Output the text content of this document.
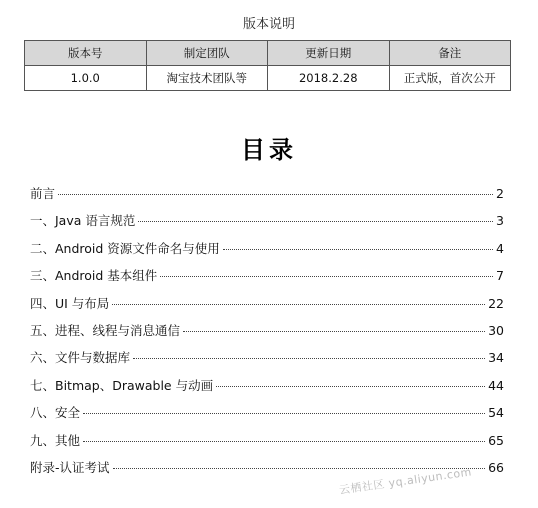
版本说明
版本号	制定团队	更新日期	备注
1.0.0	淘宝技术团队等	2018.2.28	正式版，首次公开
目录
前言	2
一、Java 语言规范	3
二、Android 资源文件命名与使用	4
三、Android 基本组件	7
四、UI 与布局	22
五、进程、线程与消息通信	30
六、文件与数据库	34
七、Bitmap、Drawable 与动画	44
八、安全	54
九、其他	65
附录-认证考试	66
云栖社区 yq.aliyun.com
